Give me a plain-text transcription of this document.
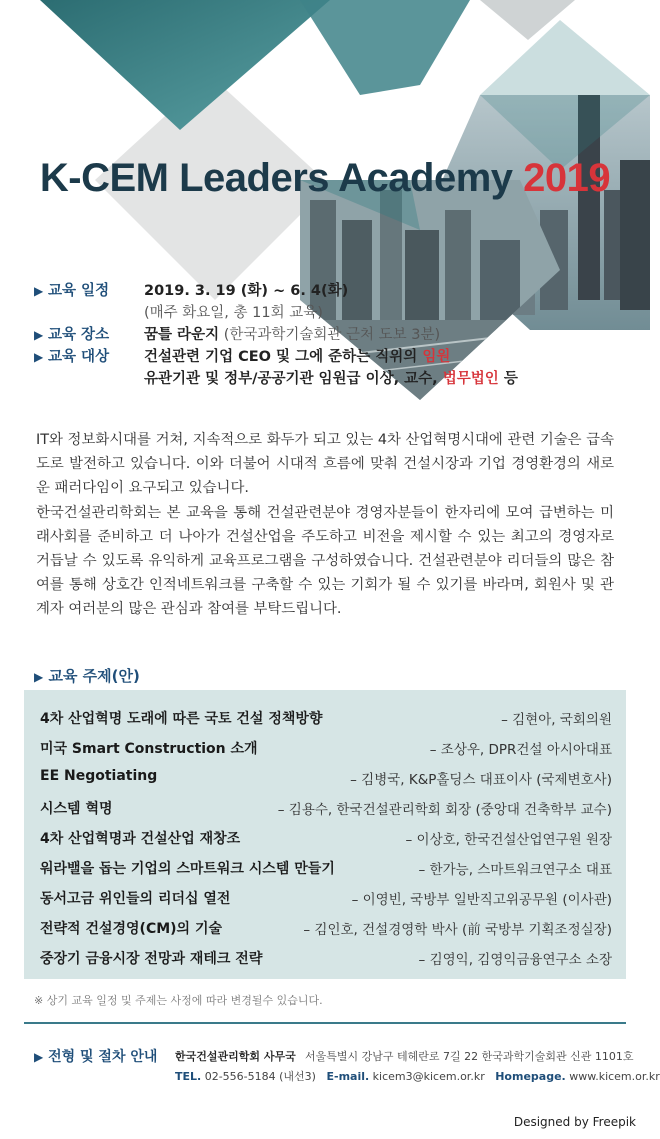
K-CEM Leaders Academy 2019
▶ 교육 일정 2019. 3. 19 (화) ~ 6. 4(화)
(매주 화요일, 총 11회 교육)
▶ 교육 장소 꿈틀 라운지 (한국과학기술회관 근처 도보 3분)
▶ 교육 대상 건설관련 기업 CEO 및 그에 준하는 직위의 임원
유관기관 및 정부/공공기관 임원급 이상, 교수, 법무법인 등

IT와 정보화시대를 거쳐, 지속적으로 화두가 되고 있는 4차 산업혁명시대에 관련 기술은 급속도로 발전하고 있습니다. 이와 더불어 시대적 흐름에 맞춰 건설시장과 기업 경영환경의 새로운 패러다임이 요구되고 있습니다.

한국건설관리학회는 본 교육을 통해 건설관련분야 경영자분들이 한자리에 모여 급변하는 미래사회를 준비하고 더 나아가 건설산업을 주도하고 비전을 제시할 수 있는 최고의 경영자로 거듭날 수 있도록 유익하게 교육프로그램을 구성하였습니다. 건설관련분야 리더들의 많은 참여를 통해 상호간 인적네트워크를 구축할 수 있는 기회가 될 수 있기를 바라며, 회원사 및 관계자 여러분의 많은 관심과 참여를 부탁드립니다.

▶ 교육 주제(안)
4차 산업혁명 도래에 따른 국토 건설 정책방향	– 김현아, 국회의원
미국 Smart Construction 소개	– 조상우, DPR건설 아시아대표
EE Negotiating	– 김병국, K&P홀딩스 대표이사 (국제변호사)
시스템 혁명	– 김용수, 한국건설관리학회 회장 (중앙대 건축학부 교수)
4차 산업혁명과 건설산업 재창조	– 이상호, 한국건설산업연구원 원장
워라밸을 돕는 기업의 스마트워크 시스템 만들기	– 한가능, 스마트워크연구소 대표
동서고금 위인들의 리더십 열전	– 이영빈, 국방부 일반직고위공무원 (이사관)
전략적 건설경영(CM)의 기술	– 김인호, 건설경영학 박사 (前 국방부 기획조정실장)
중장기 금융시장 전망과 재테크 전략	– 김영익, 김영익금융연구소 소장
※ 상기 교육 일정 및 주제는 사정에 따라 변경될수 있습니다.
▶ 전형 및 절차 안내 한국건설관리학회 사무국 서울특별시 강남구 테헤란로 7길 22 한국과학기술회관 신관 1101호
TEL. 02-556-5184 (내선3) E-mail. kicem3@kicem.or.kr Homepage. www.kicem.or.kr
Designed by Freepik
